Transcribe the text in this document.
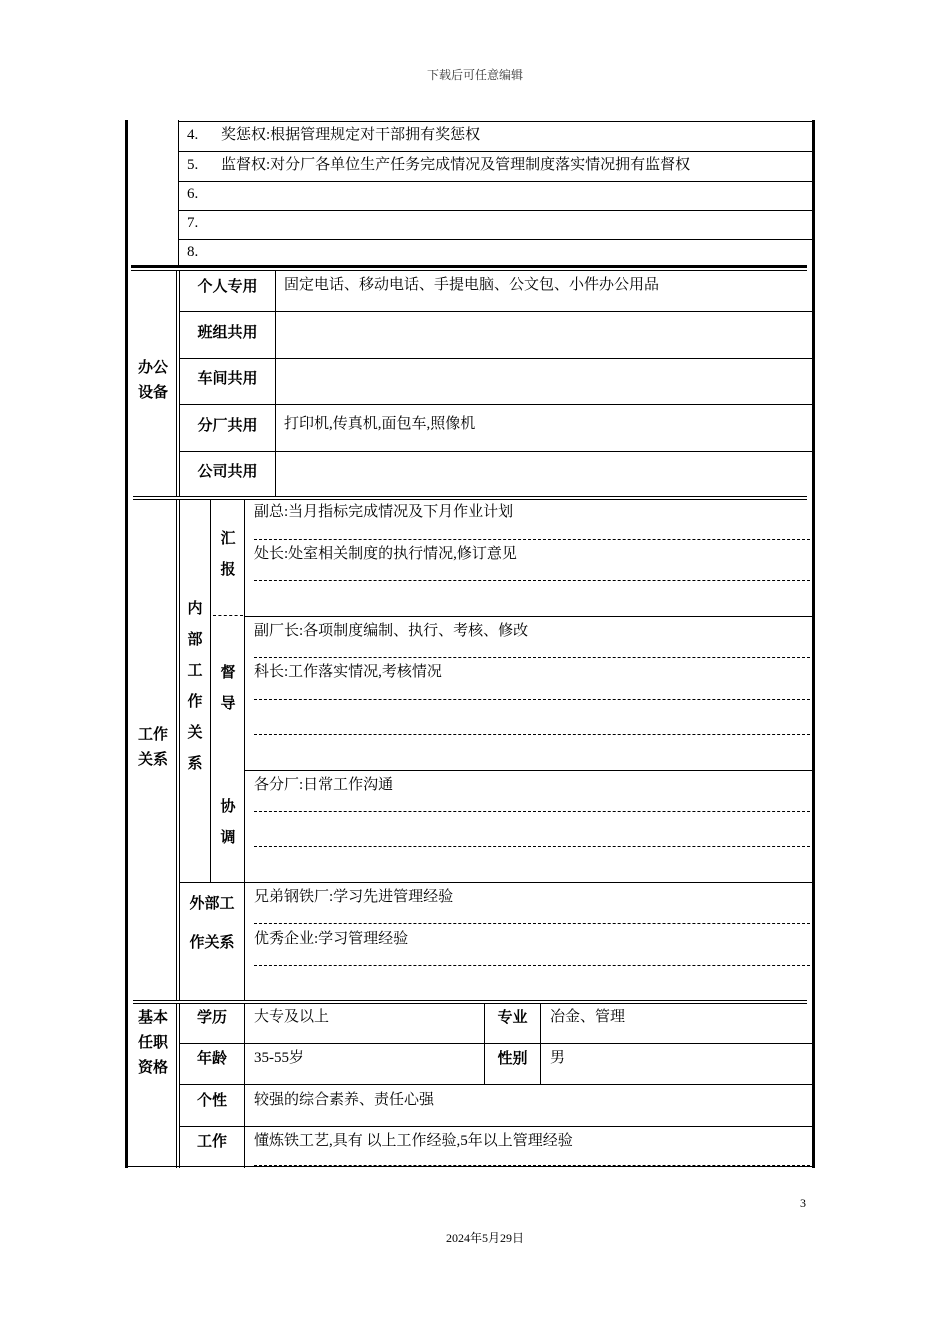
下载后可任意编辑
4. 奖惩权:根据管理规定对干部拥有奖惩权
5. 监督权:对分厂各单位生产任务完成情况及管理制度落实情况拥有监督权
6.
7.
8.
办公设备
个人专用	固定电话、移动电话、手提电脑、公文包、小件办公用品
班组共用
车间共用
分厂共用	打印机,传真机,面包车,照像机
公司共用
工作关系
内部工作关系
汇报
副总:当月指标完成情况及下月作业计划
处长:处室相关制度的执行情况,修订意见
督导
副厂长:各项制度编制、执行、考核、修改
科长:工作落实情况,考核情况
协调
各分厂:日常工作沟通
外部工作关系
兄弟钢铁厂:学习先进管理经验
优秀企业:学习管理经验
基本任职资格
学历	大专及以上	专业	冶金、管理
年龄	35-55岁	性别	男
个性	较强的综合素养、责任心强
工作	懂炼铁工艺,具有 以上工作经验,5年以上管理经验
3
2024年5月29日
